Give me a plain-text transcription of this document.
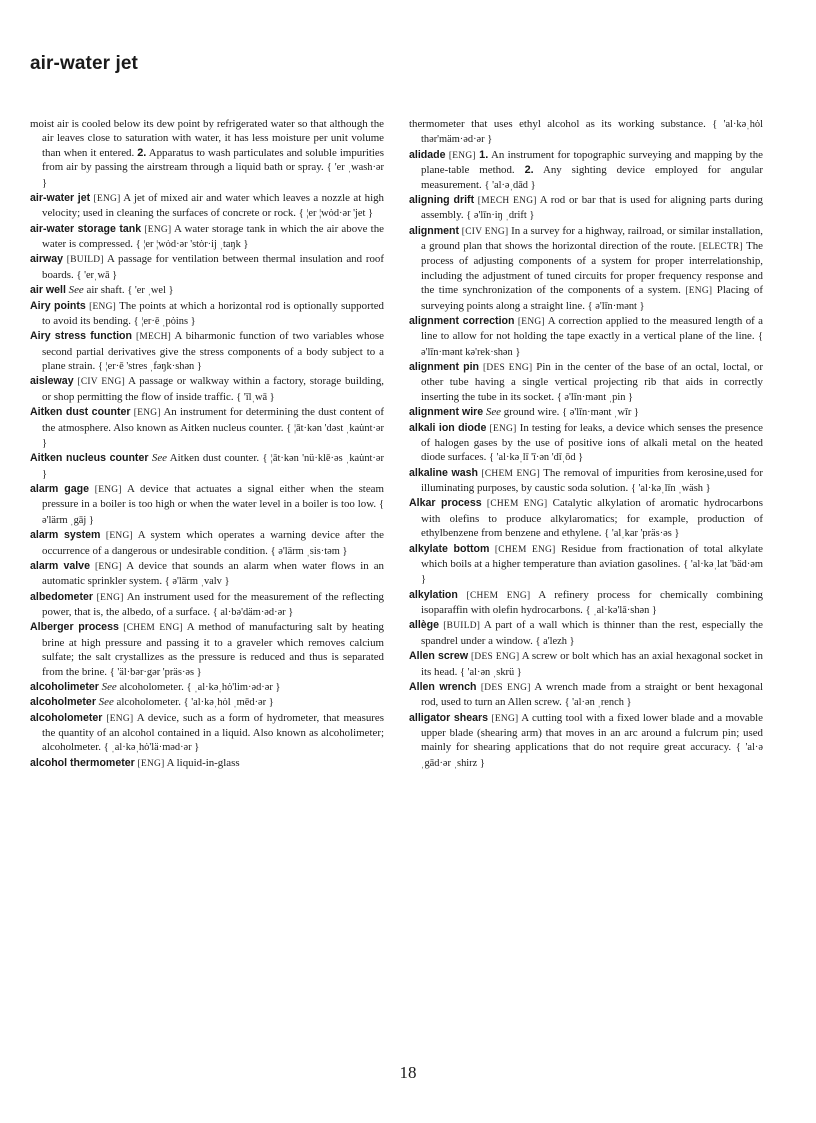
air-water jet

moist air is cooled below its dew point by refrigerated water so that although the air leaves close to saturation with water, it has less moisture per unit volume than when it entered. 2. Apparatus to wash particulates and soluble impurities from air by passing the airstream through a liquid bath or spray. { 'er ˌwash·ər }

air-water jet [ENG] A jet of mixed air and water which leaves a nozzle at high velocity; used in cleaning the surfaces of concrete or rock. { ¦er ¦wȯd·ər 'jet }

air-water storage tank [ENG] A water storage tank in which the air above the water is compressed. { ¦er ¦wȯd·ər 'stȯr·ij ˌtaŋk }

airway [BUILD] A passage for ventilation between thermal insulation and roof boards. { 'erˌwā }

air well See air shaft. { 'er ˌwel }

Airy points [ENG] The points at which a horizontal rod is optionally supported to avoid its bending. { ¦er·ē ˌpȯins }

Airy stress function [MECH] A biharmonic function of two variables whose second partial derivatives give the stress components of a body subject to a plane strain. { ¦er·ē 'stres ˌfəŋk·shən }

aisleway [CIV ENG] A passage or walkway within a factory, storage building, or shop permitting the flow of inside traffic. { 'īlˌwā }

Aitken dust counter [ENG] An instrument for determining the dust content of the atmosphere. Also known as Aitken nucleus counter. { ¦āt·kən 'dəst ˌkau̇nt·ər }

Aitken nucleus counter See Aitken dust counter. { ¦āt·kən 'nü·klē·əs ˌkau̇nt·ər }

alarm gage [ENG] A device that actuates a signal either when the steam pressure in a boiler is too high or when the water level in a boiler is too low. { ə'lärm ˌgāj }

alarm system [ENG] A system which operates a warning device after the occurrence of a dangerous or undesirable condition. { ə'lärm ˌsis·təm }

alarm valve [ENG] A device that sounds an alarm when water flows in an automatic sprinkler system. { ə'lärm ˌvalv }

albedometer [ENG] An instrument used for the measurement of the reflecting power, that is, the albedo, of a surface. { al·bə'däm·əd·ər }

Alberger process [CHEM ENG] A method of manufacturing salt by heating brine at high pressure and passing it to a graveler which removes calcium sulfate; the salt crystallizes as the pressure is reduced and thus is separated from the brine. { 'äl·bər·gər 'präs·əs }

alcoholimeter See alcoholometer. { ˌal·kəˌhȯ'lim·əd·ər }

alcoholmeter See alcoholometer. { 'al·kəˌhȯl ˌmēd·ər }

alcoholometer [ENG] A device, such as a form of hydrometer, that measures the quantity of an alcohol contained in a liquid. Also known as alcoholimeter; alcoholmeter. { ˌal·kəˌhȯ'lä·məd·ər }

alcohol thermometer [ENG] A liquid-in-glass

thermometer that uses ethyl alcohol as its working substance. { 'al·kəˌhȯl thər'mäm·əd·ər }

alidade [ENG] 1. An instrument for topographic surveying and mapping by the plane-table method. 2. Any sighting device employed for angular measurement. { 'al·əˌdād }

aligning drift [MECH ENG] A rod or bar that is used for aligning parts during assembly. { ə'līn·iŋ ˌdrift }

alignment [CIV ENG] In a survey for a highway, railroad, or similar installation, a ground plan that shows the horizontal direction of the route. [ELECTR] The process of adjusting components of a system for proper interrelationship, including the adjustment of tuned circuits for proper frequency response and the time synchronization of the components of a system. [ENG] Placing of surveying points along a straight line. { ə'līn·mənt }

alignment correction [ENG] A correction applied to the measured length of a line to allow for not holding the tape exactly in a vertical plane of the line. { ə'līn·mənt kə'rek·shən }

alignment pin [DES ENG] Pin in the center of the base of an octal, loctal, or other tube having a single vertical projecting rib that aids in correctly inserting the tube in its socket. { ə'līn·mənt ˌpin }

alignment wire See ground wire. { ə'līn·mənt ˌwīr }

alkali ion diode [ENG] In testing for leaks, a device which senses the presence of halogen gases by the use of positive ions of alkali metal on the heated diode surfaces. { 'al·kəˌlī 'ī·ən 'dīˌōd }

alkaline wash [CHEM ENG] The removal of impurities from kerosine,used for illuminating purposes, by caustic soda solution. { 'al·kəˌlīn ˌwäsh }

Alkar process [CHEM ENG] Catalytic alkylation of aromatic hydrocarbons with olefins to produce alkylaromatics; for example, production of ethylbenzene from benzene and ethylene. { 'alˌkar 'präs·əs }

alkylate bottom [CHEM ENG] Residue from fractionation of total alkylate which boils at a higher temperature than aviation gasolines. { 'al·kəˌlat 'bäd·əm }

alkylation [CHEM ENG] A refinery process for chemically combining isoparaffin with olefin hydrocarbons. { ˌal·kə'lā·shən }

allège [BUILD] A part of a wall which is thinner than the rest, especially the spandrel under a window. { a'lezh }

Allen screw [DES ENG] A screw or bolt which has an axial hexagonal socket in its head. { 'al·ən ˌskrü }

Allen wrench [DES ENG] A wrench made from a straight or bent hexagonal rod, used to turn an Allen screw. { 'al·ən ˌrench }

alligator shears [ENG] A cutting tool with a fixed lower blade and a movable upper blade (shearing arm) that moves in an arc around a fulcrum pin; used mainly for shearing applications that do not require great accuracy. { 'al·əˌgād·ər ˌshirz }

18
